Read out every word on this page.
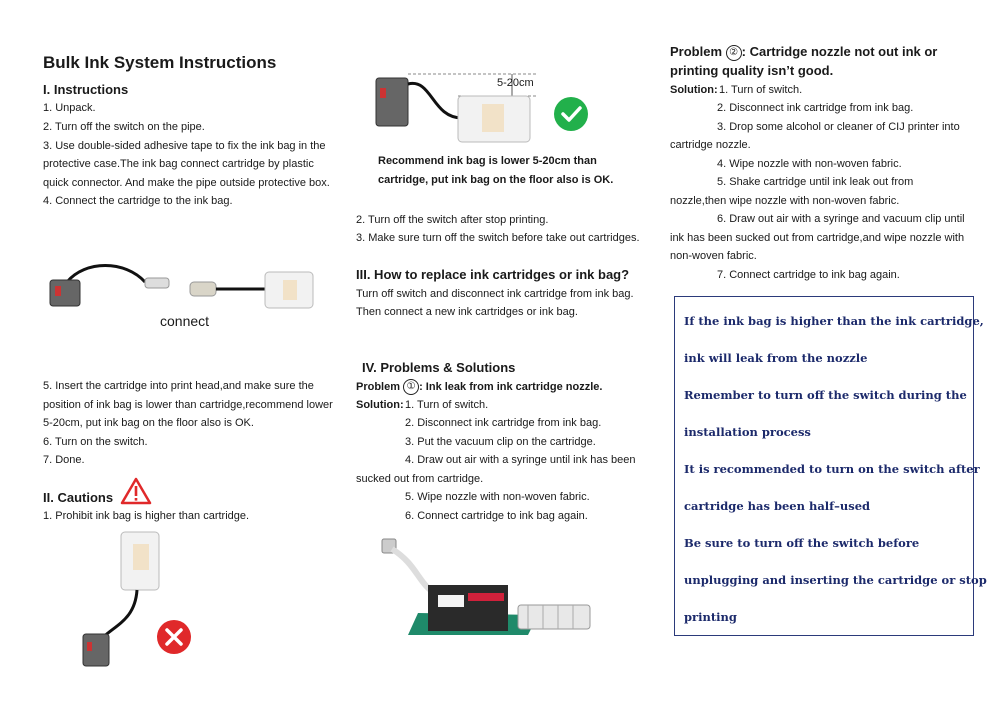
Bulk Ink System Instructions
I. Instructions
1. Unpack.
2. Turn off the switch on the pipe.
3. Use double-sided adhesive tape to fix the ink bag in the
protective case.The ink bag connect cartridge by plastic
quick connector. And make the pipe outside protective box.
4. Connect the cartridge to the ink bag.
connect
5. Insert the cartridge into print head,and make sure the
position of ink bag is lower than cartridge,recommend lower
5-20cm, put ink bag on the floor also is OK.
6. Turn on the switch.
7. Done.
II. Cautions
1. Prohibit ink bag is higher than cartridge.
5-20cm
Recommend ink bag is lower 5-20cm than
cartridge, put ink bag on the floor also is OK.
2. Turn off the switch after stop printing.
3. Make sure turn off the switch before take out cartridges.
III. How to replace ink cartridges or ink bag?
Turn off switch and disconnect ink cartridge from ink bag.
Then connect a new ink cartridges or ink bag.
IV. Problems & Solutions
Problem ① : Ink leak from ink cartridge nozzle.
Solution: 1. Turn of switch.
2. Disconnect ink cartridge from ink bag.
3. Put the vacuum clip on the cartridge.
4. Draw out air with a syringe until ink has been
sucked out from cartridge.
5. Wipe nozzle with non-woven fabric.
6. Connect cartridge to ink bag again.
Problem ② : Cartridge nozzle not out ink or
printing quality isn’t good.
Solution: 1. Turn of switch.
2. Disconnect ink cartridge from ink bag.
3. Drop some alcohol or cleaner of CIJ printer into
cartridge nozzle.
4. Wipe nozzle with non-woven fabric.
5. Shake cartridge until ink leak out from
nozzle,then wipe nozzle with non-woven fabric.
6. Draw out air with a syringe and vacuum clip until
ink has been sucked out from cartridge,and wipe nozzle with
non-woven fabric.
7. Connect cartridge to ink bag again.

If the ink bag is higher than the ink cartridge,

ink will leak from the nozzle

Remember to turn off the switch during the

installation process

It is recommended to turn on the switch after

cartridge has been half–used

Be sure to turn off the switch before

unplugging and inserting the cartridge or stop

printing
